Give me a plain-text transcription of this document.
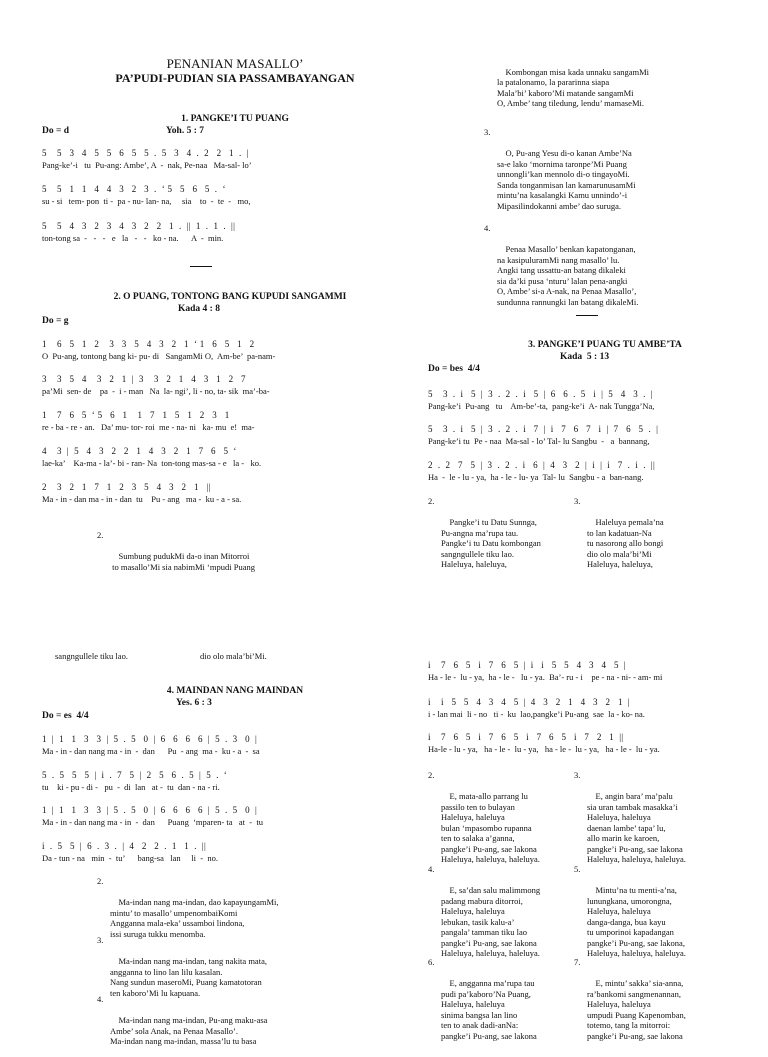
PENANIAN MASALLO’
PA’PUDI-PUDIAN SIA PASSAMBAYANGAN
1. PANGKE’I TU PUANG
Do = d	Yoh. 5 : 7
5    5   3   4   5   5   6   5   5  .  5   3   4  .  2   2   1  .  |
Pang-ke’-i   tu  Pu-ang: Ambe’, A  -  nak, Pe-naa   Ma-sal- lo’
5    5   1   1   4   4   3   2   3  .  ‘ 5   5   6   5  .  ‘
su - si   tem- pon  ti -  pa - nu- lan- na,     sia    to  -  te  -   mo,
5    5   4   3   2   3   4   3   2   2   1  .  ||  1  .  1  .  ||
ton-tong sa  -   -   -   e   la   -   -   ko - na.      A  -  min.
2. O PUANG, TONTONG BANG KUPUDI SANGAMMI
Kada 4 : 8
Do = g
1    6   5   1   2    3   3   5   4   3   2   1  ‘ 1   6   5   1   2
O  Pu-ang, tontong bang ki- pu- di   SangamMi O,  Am-be’  pa-nam-
3    3   5   4    3   2   1  |  3    3   2   1   4   3   1   2   7
pa’Mi  sen- de    pa  -  i - man   Na  la- ngi’, li - no, ta- sik  ma’-ba-
1    7   6   5  ‘ 5   6   1    1   7   1   5   1   2   3   1
re - ba - re - an.   Da’ mu- tor- roi  me - na- ni   ka- mu  e!  ma-
4    3  |  5   4   3   2   2   1   4   3   2   1   7   6   5  ‘
lae-ka’    Ka-ma - la’- bi - ran- Na  ton-tong mas-sa - e   la -   ko.
2    3   2   1   7   1   2   3   5   4   3   2   1   ||
Ma - in - dan ma - in - dan  tu    Pu - ang   ma -  ku - a - sa.

2.

Sumbung pudukMi da-o inan Mitorroi
to masallo’Mi sia nabimMi ‘mpudi Puang

sangngullele tiku lao.	dio olo mala’bi’Mi.
4. MAINDAN NANG MAINDAN
Yes. 6 : 3
Do = es  4/4
1  |  1   1   3   3  |  5  .  5   0  |  6   6   6   6  |  5  .  3   0  |
Ma - in - dan nang ma - in  -  dan      Pu  - ang  ma -  ku - a  -  sa
5  .  5   5   5  |  i  .  7   5  |  2   5   6  .  5  |  5  .  ‘
tu    ki - pu - di -   pu  -  di  lan   at -  tu  dan - na - ri.
1  |  1   1   3   3  |  5  .  5   0  |  6   6   6   6  |  5  .  5   0  |
Ma - in - dan nang ma - in  -  dan      Puang  ‘mparen- ta   at  -  tu
i  .  5   5  |  6  .  3  .  |  4   2   2  .  1   1  .  ||
Da - tun - na   min  -  tu’      bang-sa   lan     li  -  no.

2.

Ma-indan nang ma-indan, dao kapayungamMi,
mintu’ to masallo’ umpenombaiKomi
Angganna mala-eka’ ussamboi lindona,
issi suruga tukku menomba.

3.

Ma-indan nang ma-indan, tang nakita mata,
angganna to lino lan lilu kasalan.
Nang sundun maseroMi, Puang kamatotoran
ten kaboro’Mi lu kapuana.

4.

Ma-indan nang ma-indan, Pu-ang maku-asa
Ambe’ sola Anak, na Penaa Masallo’.
Ma-indan nang ma-indan, massa’lu tu basa

Kombongan misa kada unnaku sangamMi
la patalonamo, la pararinna siapa
Mala’bi’ kaboro’Mi matande sangamMi
O, Ambe’ tang tiledung, lendu’ mamaseMi.

3.

O, Pu-ang Yesu di-o kanan Ambe’Na
sa-e lako ‘mornima taronpe’Mi Puang
unnongli’kan mennolo di-o tingayoMi.
Sanda tonganmisan lan kamarunusamMi
mintu’na kasalangki Kamu unnindo’-i
Mipasilindokanni ambe’ dao suruga.

4.

Penaa Masallo’ benkan kapatonganan,
na kasipuluramMi nang masallo’ lu.
Angki tang ussattu-an batang dikaleki
sia da’ki pusa ‘nturu’ lalan pena-angki
O, Ambe’ si-a A-nak, na Penaa Masallo’,
sundunna rannungki lan batang dikaleMi.

3. PANGKE’I PUANG TU AMBE’TA
Kada  5 : 13
Do = bes  4/4
5    3  .  i   5  |  3  .  2  .  i   5  |  6   6  .  5   i  |  5   4   3  .  |
Pang-ke’i  Pu-ang   tu    Am-be’-ta,  pang-ke’i  A- nak Tungga’Na,
5    3  .  i   5  |  3  .  2  .  i   7  |  i   7   6   7   i  |  7   6   5  .  |
Pang-ke’i tu  Pe - naa  Ma-sal - lo’ Tal- lu Sangbu  -   a  bannang,
2  .  2   7   5  |  3  .  2  .  i   6  |  4   3   2  |  i  |  i   7  .  i  .  ||
Ha  -  le - lu - ya,  ha - le - lu- ya  Tal- lu  Sangbu - a  ban-nang.

2.

Pangke’i tu Datu Sunnga,
Pu-angna ma’rupa tau.
Pangke’i tu Datu kombongan
sangngullele tiku lao.
Haleluya, haleluya,

3.

Haleluya pemala’na
to lan kadatuan-Na
tu nasorong allo bongi
dio olo mala’bi’Mi
Haleluya, haleluya,

i    7   6   5   i   7   6   5  |  i   i   5   5   4   3   4   5  |
Ha - le -  lu - ya,  ha - le -   lu - ya.  Ba’- ru - i    pe - na - ni- - am- mi
i    i   5   5   4   3   4   5  |  4   3   2   1   4   3   2   1  |
i - lan mai  li - no   ti -  ku  lao,pangke’i Pu-ang  sae  la - ko- na.
i    7   6   5   i   7   6   5   i   7   6   5   i   7   2   1  ||
Ha-le - lu - ya,   ha - le -  lu - ya,   ha - le -  lu - ya,   ha - le -  lu - ya.

2.

E, mata-allo parrang lu
passilo ten to bulayan
Haleluya, haleluya
bulan ‘mpasombo rupanna
ten to salaka a’ganna,
pangke’i Pu-ang, sae lakona
Haleluya, haleluya, haleluya.

3.

E, angin bara’ ma’palu
sia uran tambak masakka’i
Haleluya, haleluya
daenan lambe’ tapa’ lu,
allo marin ke karoen,
pangke’i Pu-ang, sae lakona
Haleluya, haleluya, haleluya.

4.

E, sa’dan salu malimmong
padang mabura ditorroi,
Haleluya, haleluya
lebukan, tasik kalu-a’
pangala’ tamman tiku lao
pangke’i Pu-ang, sae lakona
Haleluya, haleluya, haleluya.

5.

Mintu’na tu menti-a’na,
lunungkana, umorongna,
Haleluya, haleluya
danga-danga, bua kayu
tu umporinoi kapadangan
pangke’i Pu-ang, sae lakona,
Haleluya, haleluya, haleluya.

6.

E, angganna ma’rupa tau
pudi pa’kaboro’Na Puang,
Haleluya, haleluya
sinima bangsa lan lino
ten to anak dadi-anNa:
pangke’i Pu-ang, sae lakona

7.

E, mintu’ sakka’ sia-anna,
ra’bankomi sangmenannan,
Haleluya, haleluya
umpudi Puang Kapenomban,
totemo, tang la mitorroi:
pangke’i Pu-ang, sae lakona
